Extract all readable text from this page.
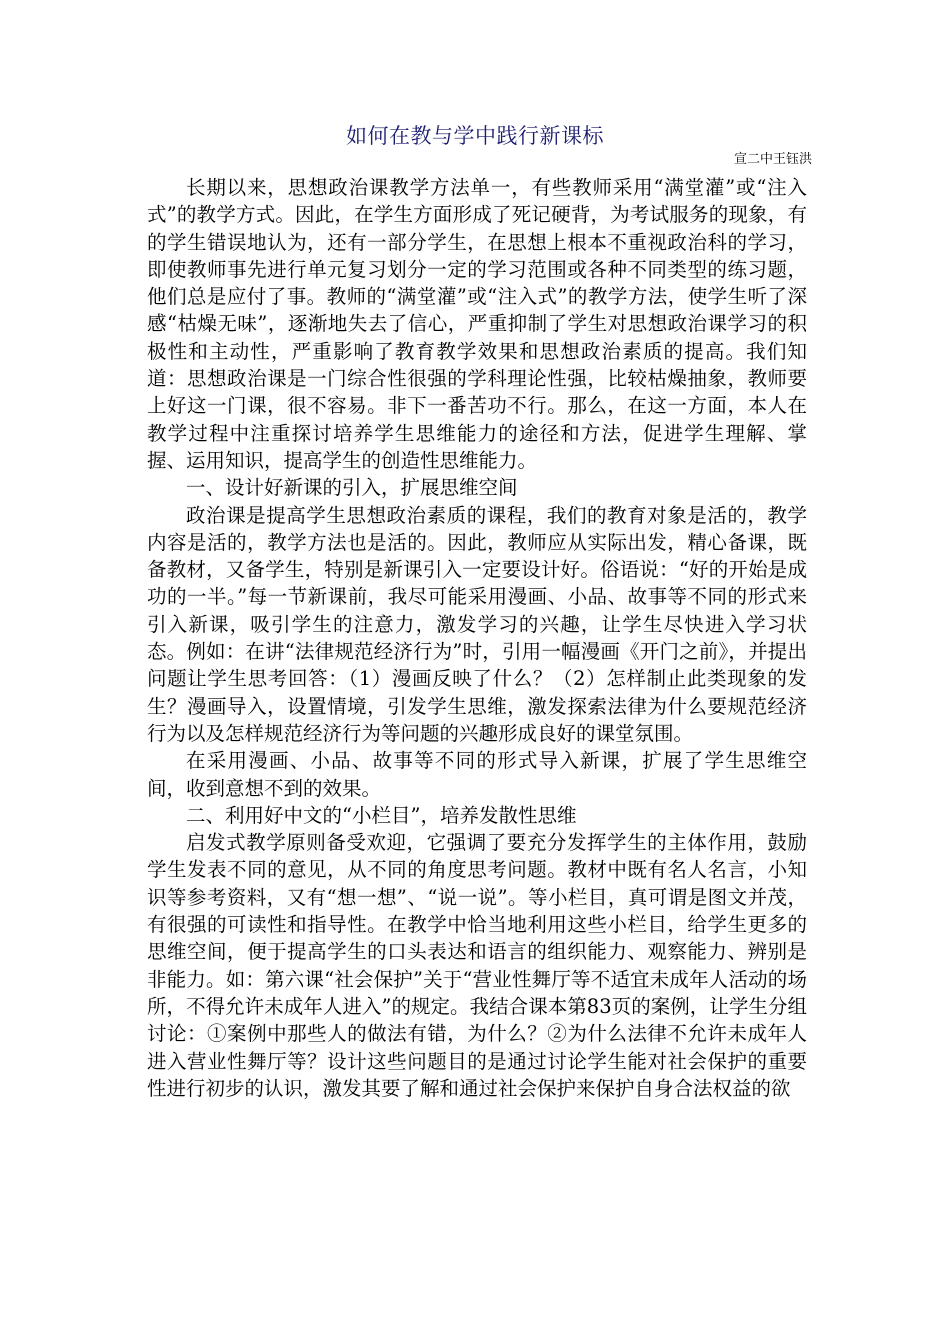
如何在教与学中践行新课标
宣二中王钰洪

长期以来，思想政治课教学方法单一，有些教师采用“满堂灌”或“注入式”的教学方式。因此，在学生方面形成了死记硬背，为考试服务的现象，有的学生错误地认为，还有一部分学生，在思想上根本不重视政治科的学习，即使教师事先进行单元复习划分一定的学习范围或各种不同类型的练习题，他们总是应付了事。教师的“满堂灌”或“注入式”的教学方法，使学生听了深感“枯燥无味”，逐渐地失去了信心，严重抑制了学生对思想政治课学习的积极性和主动性，严重影响了教育教学效果和思想政治素质的提高。我们知道：思想政治课是一门综合性很强的学科理论性强，比较枯燥抽象，教师要上好这一门课，很不容易。非下一番苦功不行。那么，在这一方面，本人在教学过程中注重探讨培养学生思维能力的途径和方法，促进学生理解、掌握、运用知识，提高学生的创造性思维能力。

一、设计好新课的引入，扩展思维空间

政治课是提高学生思想政治素质的课程，我们的教育对象是活的，教学内容是活的，教学方法也是活的。因此，教师应从实际出发，精心备课，既备教材，又备学生，特别是新课引入一定要设计好。俗语说：“好的开始是成功的一半。”每一节新课前，我尽可能采用漫画、小品、故事等不同的形式来引入新课，吸引学生的注意力，激发学习的兴趣，让学生尽快进入学习状态。例如：在讲“法律规范经济行为”时，引用一幅漫画《开门之前》，并提出问题让学生思考回答：（1）漫画反映了什么？（2）怎样制止此类现象的发生？漫画导入，设置情境，引发学生思维，激发探索法律为什么要规范经济行为以及怎样规范经济行为等问题的兴趣形成良好的课堂氛围。

在采用漫画、小品、故事等不同的形式导入新课，扩展了学生思维空间，收到意想不到的效果。

二、利用好中文的“小栏目”，培养发散性思维

启发式教学原则备受欢迎，它强调了要充分发挥学生的主体作用，鼓励学生发表不同的意见，从不同的角度思考问题。教材中既有名人名言，小知识等参考资料，又有“想一想”、“说一说”。等小栏目，真可谓是图文并茂，有很强的可读性和指导性。在教学中恰当地利用这些小栏目，给学生更多的思维空间，便于提高学生的口头表达和语言的组织能力、观察能力、辨别是非能力。如：第六课“社会保护”关于“营业性舞厅等不适宜未成年人活动的场所，不得允许未成年人进入”的规定。我结合课本第83页的案例，让学生分组讨论：①案例中那些人的做法有错，为什么？②为什么法律不允许未成年人进入营业性舞厅等？设计这些问题目的是通过讨论学生能对社会保护的重要性进行初步的认识，激发其要了解和通过社会保护来保护自身合法权益的欲
